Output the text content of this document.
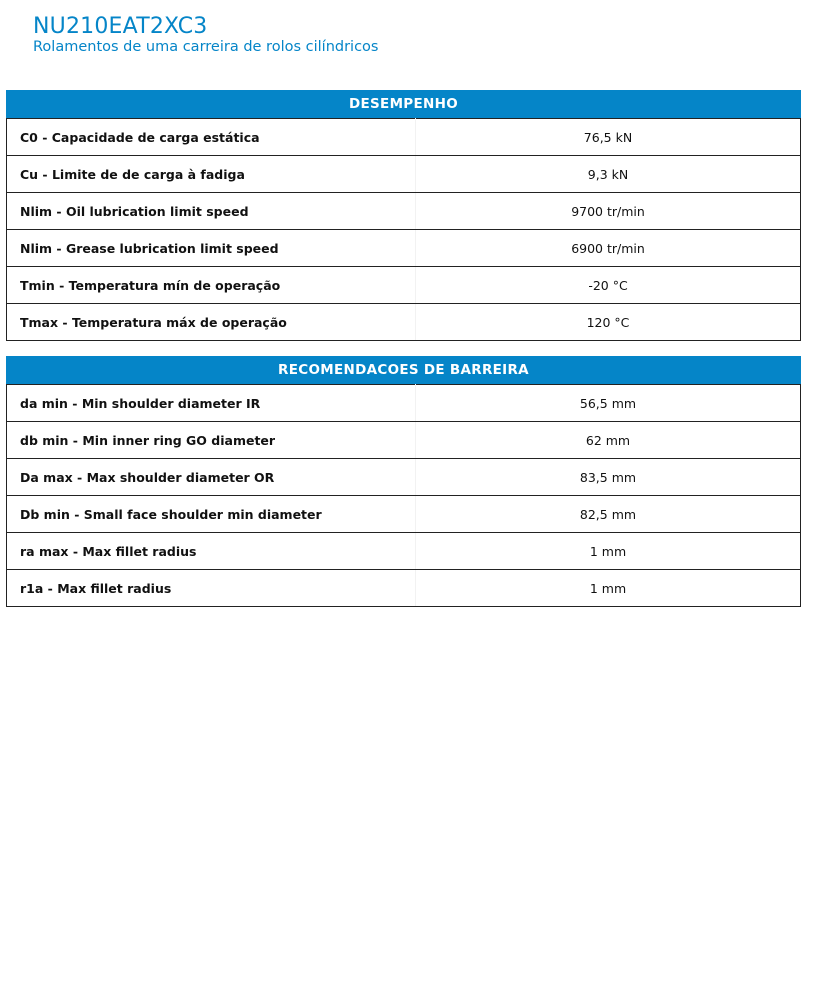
NU210EAT2XC3
Rolamentos de uma carreira de rolos cilíndricos
DESEMPENHO
C0 - Capacidade de carga estática	76,5 kN
Cu - Limite de de carga à fadiga	9,3 kN
Nlim - Oil lubrication limit speed	9700 tr/min
Nlim - Grease lubrication limit speed	6900 tr/min
Tmin - Temperatura mín de operação	-20 °C
Tmax - Temperatura máx de operação	120 °C
RECOMENDACOES DE BARREIRA
da min - Min shoulder diameter IR	56,5 mm
db min - Min inner ring GO diameter	62 mm
Da max - Max shoulder diameter OR	83,5 mm
Db min - Small face shoulder min diameter	82,5 mm
ra max - Max fillet radius	1 mm
r1a - Max fillet radius	1 mm
